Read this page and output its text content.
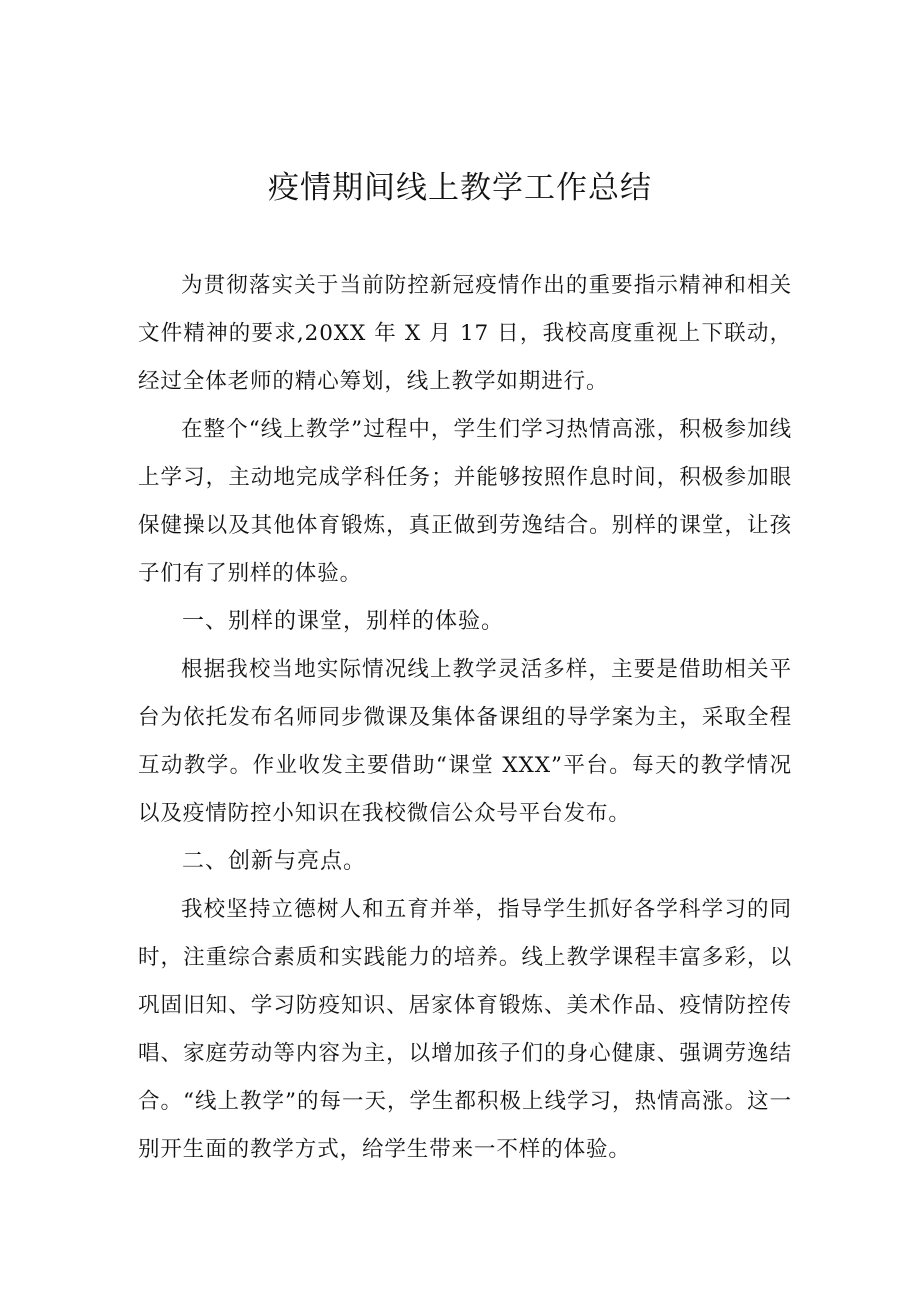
疫情期间线上教学工作总结

为贯彻落实关于当前防控新冠疫情作出的重要指示精神和相关文件精神的要求,20XX 年 X 月 17 日，我校高度重视上下联动，经过全体老师的精心筹划，线上教学如期进行。

在整个“线上教学”过程中，学生们学习热情高涨，积极参加线上学习，主动地完成学科任务；并能够按照作息时间，积极参加眼保健操以及其他体育锻炼，真正做到劳逸结合。别样的课堂，让孩子们有了别样的体验。

一、别样的课堂，别样的体验。

根据我校当地实际情况线上教学灵活多样，主要是借助相关平台为依托发布名师同步微课及集体备课组的导学案为主，采取全程互动教学。作业收发主要借助“课堂 XXX”平台。每天的教学情况以及疫情防控小知识在我校微信公众号平台发布。

二、创新与亮点。

我校坚持立德树人和五育并举，指导学生抓好各学科学习的同时，注重综合素质和实践能力的培养。线上教学课程丰富多彩，以巩固旧知、学习防疫知识、居家体育锻炼、美术作品、疫情防控传唱、家庭劳动等内容为主，以增加孩子们的身心健康、强调劳逸结合。“线上教学”的每一天，学生都积极上线学习，热情高涨。这一别开生面的教学方式，给学生带来一不样的体验。
